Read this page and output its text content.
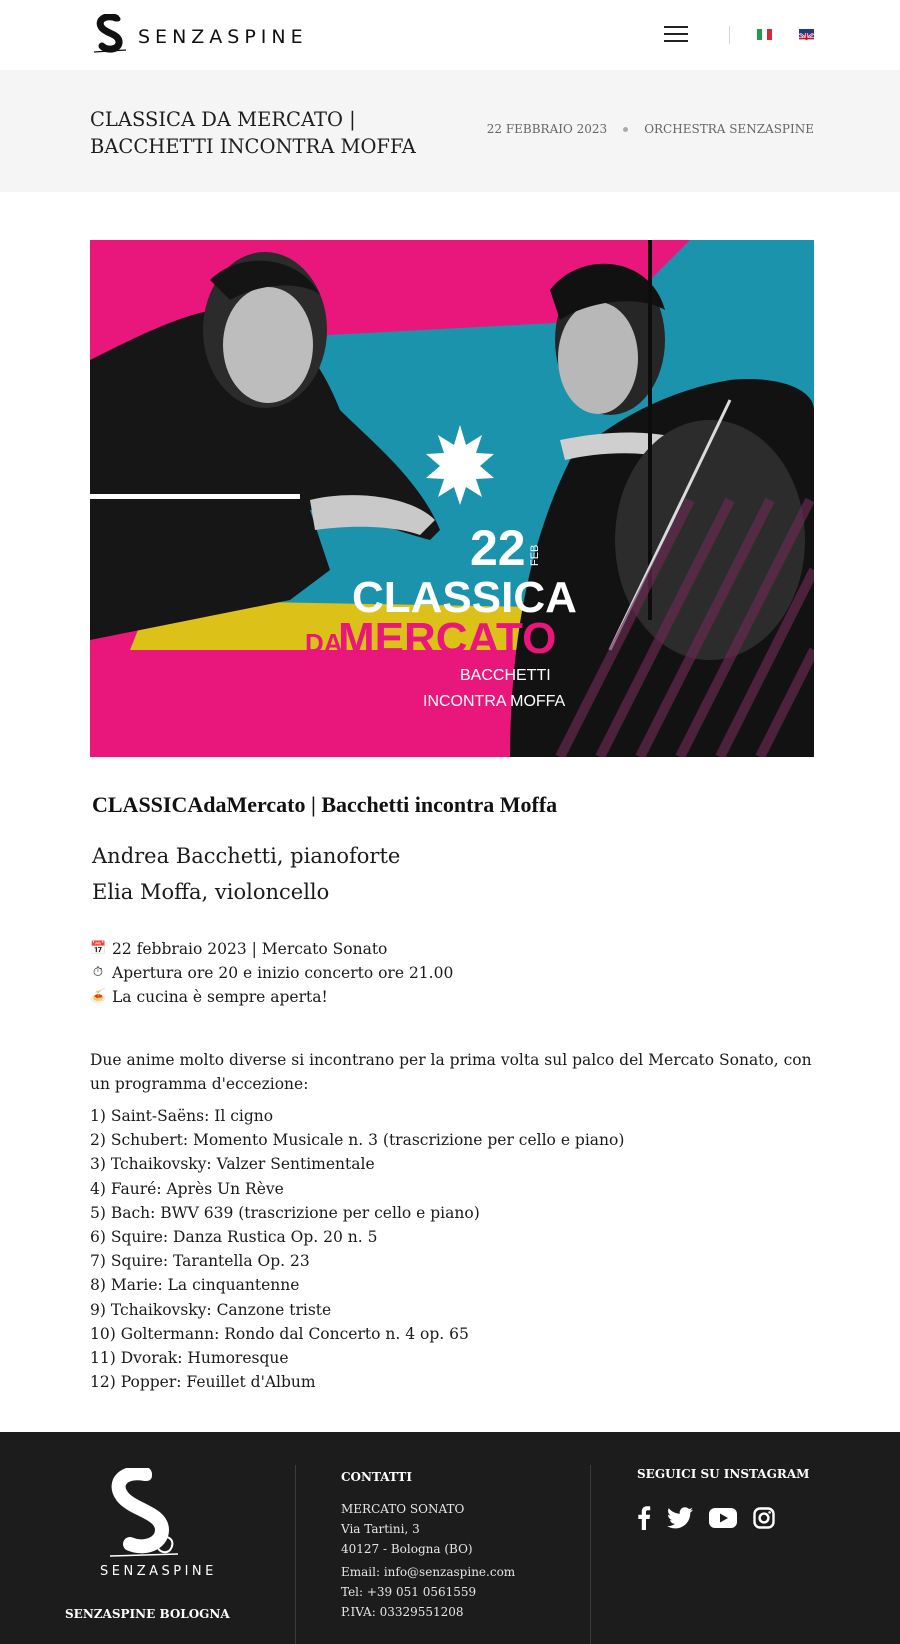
SENZASPINE
CLASSICA DA MERCATO | BACCHETTI INCONTRA MOFFA
22 FEBBRAIO 2023	ORCHESTRA SENZASPINE
22 FEB
CLASSICA
DA
MERCATO
BACCHETTI
INCONTRA MOFFA
CLASSICAdaMercato | Bacchetti incontra Moffa
Andrea Bacchetti, pianoforte
Elia Moffa, violoncello
📅 22 febbraio 2023 | Mercato Sonato
⏱ Apertura ore 20 e inizio concerto ore 21.00
🍝 La cucina è sempre aperta!

Due anime molto diverse si incontrano per la prima volta sul palco del Mercato Sonato, con un programma d'eccezione:

1) Saint-Saëns: Il cigno
2) Schubert: Momento Musicale n. 3 (trascrizione per cello e piano)
3) Tchaikovsky: Valzer Sentimentale
4) Fauré: Après Un Rève
5) Bach: BWV 639 (trascrizione per cello e piano)
6) Squire: Danza Rustica Op. 20 n. 5
7) Squire: Tarantella Op. 23
8) Marie: La cinquantenne
9) Tchaikovsky: Canzone triste
10) Goltermann: Rondo dal Concerto n. 4 op. 65
11) Dvorak: Humoresque
12) Popper: Feuillet d'Album
SENZASPINE
SENZASPINE BOLOGNA
CONTATTI

MERCATO SONATO

Via Tartini, 3

40127 - Bologna (BO)

Email: info@senzaspine.com

Tel: +39 051 0561559

P.IVA: 03329551208

SEGUICI SU INSTAGRAM
